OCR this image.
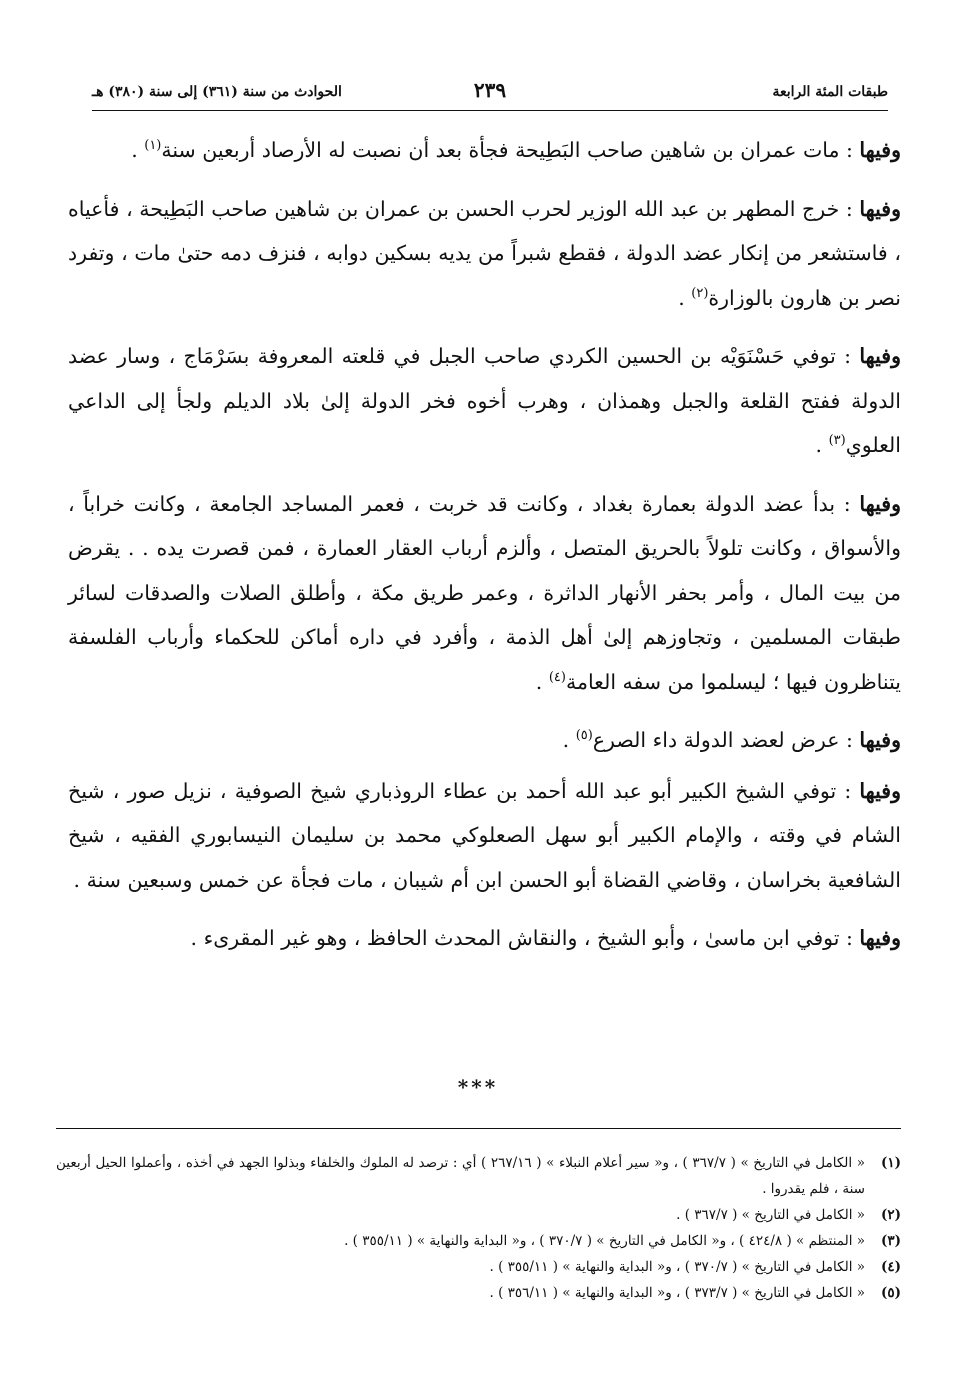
طبقات المئة الرابعة
٢٣٩
الحوادث من سنة (٣٦١) إلى سنة (٣٨٠) هـ

وفيها : مات عمران بن شاهين صاحب البَطِيحة فجأة بعد أن نصبت له الأرصاد أربعين سنة$^{(١)}$ .

وفيها : خرج المطهر بن عبد الله الوزير لحرب الحسن بن عمران بن شاهين صاحب البَطِيحة ، فأعياه ، فاستشعر من إنكار عضد الدولة ، فقطع شبراً من يديه بسكين دوابه ، فنزف دمه حتىٰ مات ، وتفرد نصر بن هارون بالوزارة$^{(٢)}$ .

وفيها : توفي حَسْنَوَيْه بن الحسين الكردي صاحب الجبل في قلعته المعروفة بسَرْمَاج ، وسار عضد الدولة ففتح القلعة والجبل وهمذان ، وهرب أخوه فخر الدولة إلىٰ بلاد الديلم ولجأ إلى الداعي العلوي$^{(٣)}$ .

وفيها : بدأ عضد الدولة بعمارة بغداد ، وكانت قد خربت ، فعمر المساجد الجامعة ، وكانت خراباً ، والأسواق ، وكانت تلولاً بالحريق المتصل ، وألزم أرباب العقار العمارة ، فمن قصرت يده . . يقرض من بيت المال ، وأمر بحفر الأنهار الداثرة ، وعمر طريق مكة ، وأطلق الصلات والصدقات لسائر طبقات المسلمين ، وتجاوزهم إلىٰ أهل الذمة ، وأفرد في داره أماكن للحكماء وأرباب الفلسفة يتناظرون فيها ؛ ليسلموا من سفه العامة$^{(٤)}$ .

وفيها : عرض لعضد الدولة داء الصرع$^{(٥)}$ .

وفيها : توفي الشيخ الكبير أبو عبد الله أحمد بن عطاء الروذباري شيخ الصوفية ، نزيل صور ، شيخ الشام في وقته ، والإمام الكبير أبو سهل الصعلوكي محمد بن سليمان النيسابوري الفقيه ، شيخ الشافعية بخراسان ، وقاضي القضاة أبو الحسن ابن أم شيبان ، مات فجأة عن خمس وسبعين سنة .

وفيها : توفي ابن ماسىٰ ، وأبو الشيخ ، والنقاش المحدث الحافظ ، وهو غير المقرىء .

***
(١)
« الكامل في التاريخ » ( ٣٦٧/٧ ) ، و« سير أعلام النبلاء » ( ٢٦٧/١٦ ) أي : ترصد له الملوك والخلفاء وبذلوا الجهد في أخذه ، وأعملوا الحيل أربعين سنة ، فلم يقدروا .
(٢)
« الكامل في التاريخ » ( ٣٦٧/٧ ) .
(٣)
« المنتظم » ( ٤٢٤/٨ ) ، و« الكامل في التاريخ » ( ٣٧٠/٧ ) ، و« البداية والنهاية » ( ٣٥٥/١١ ) .
(٤)
« الكامل في التاريخ » ( ٣٧٠/٧ ) ، و« البداية والنهاية » ( ٣٥٥/١١ ) .
(٥)
« الكامل في التاريخ » ( ٣٧٣/٧ ) ، و« البداية والنهاية » ( ٣٥٦/١١ ) .
